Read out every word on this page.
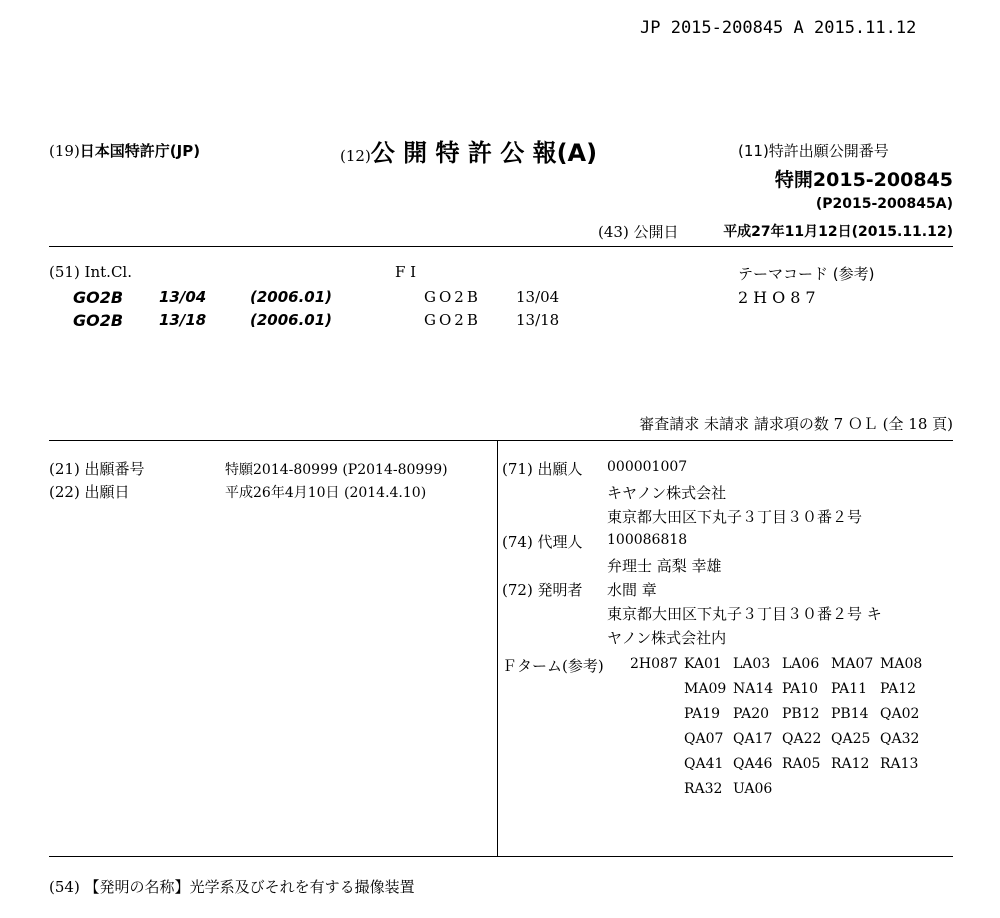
JP 2015-200845 A 2015.11.12
(19)日本国特許庁(JP)	(12)公 開 特 許 公 報(A)	(11)特許出願公開番号
特開2015-200845
(P2015-200845A)
(43) 公開日	平成27年11月12日(2015.11.12)
(51) Int.Cl.	F I	テーマコード (参考)
GO2B 13/04	(2006.01)	GO2B 13/04	2HO87
GO2B 13/18	(2006.01)	GO2B 13/18
審査請求 未請求 請求項の数 7 ＯＬ (全 18 頁)
(21) 出願番号	特願2014-80999 (P2014-80999)
(22) 出願日	平成26年4月10日 (2014.4.10)
(71) 出願人 000001007
キヤノン株式会社
東京都大田区下丸子３丁目３０番２号
(74) 代理人 100086818
弁理士 高梨 幸雄
(72) 発明者 水間 章
東京都大田区下丸子３丁目３０番２号 キ
ヤノン株式会社内
Ｆターム(参考) 2H087 KA01 LA03 LA06 MA07 MA08
MA09 NA14 PA10 PA11 PA12
PA19 PA20 PB12 PB14 QA02
QA07 QA17 QA22 QA25 QA32
QA41 QA46 RA05 RA12 RA13
RA32 UA06
(54) 【発明の名称】光学系及びそれを有する撮像装置
